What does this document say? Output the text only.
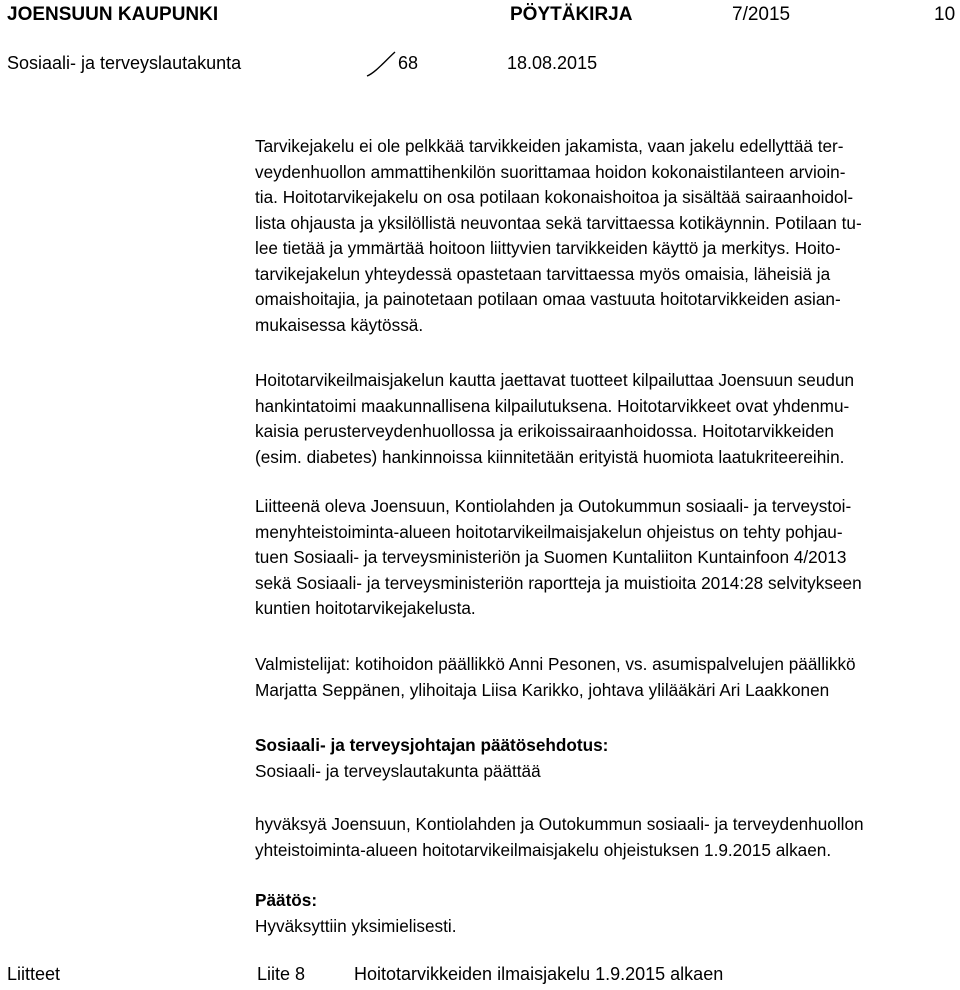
JOENSUUN KAUPUNKI	PÖYTÄKIRJA	7/2015	10
Sosiaali- ja terveyslautakunta	68	18.08.2015

Tarvikejakelu ei ole pelkkää tarvikkeiden jakamista, vaan jakelu edellyttää ter-

veydenhuollon ammattihenkilön suorittamaa hoidon kokonaistilanteen arvioin-

tia. Hoitotarvikejakelu on osa potilaan kokonaishoitoa ja sisältää sairaanhoidol-

lista ohjausta ja yksilöllistä neuvontaa sekä tarvittaessa kotikäynnin. Potilaan tu-

lee tietää ja ymmärtää hoitoon liittyvien tarvikkeiden käyttö ja merkitys. Hoito-

tarvikejakelun yhteydessä opastetaan tarvittaessa myös omaisia, läheisiä ja

omaishoitajia, ja painotetaan potilaan omaa vastuuta hoitotarvikkeiden asian-

mukaisessa käytössä.

Hoitotarvikeilmaisjakelun kautta jaettavat tuotteet kilpailuttaa Joensuun seudun

hankintatoimi maakunnallisena kilpailutuksena. Hoitotarvikkeet ovat yhdenmu-

kaisia perusterveydenhuollossa ja erikoissairaanhoidossa. Hoitotarvikkeiden

(esim. diabetes) hankinnoissa kiinnitetään erityistä huomiota laatukriteereihin.

Liitteenä oleva Joensuun, Kontiolahden ja Outokummun sosiaali- ja terveystoi-

menyhteistoiminta-alueen hoitotarvikeilmaisjakelun ohjeistus on tehty pohjau-

tuen Sosiaali- ja terveysministeriön ja Suomen Kuntaliiton Kuntainfoon 4/2013

sekä Sosiaali- ja terveysministeriön raportteja ja muistioita 2014:28 selvitykseen

kuntien hoitotarvikejakelusta.

Valmistelijat: kotihoidon päällikkö Anni Pesonen, vs. asumispalvelujen päällikkö

Marjatta Seppänen, ylihoitaja Liisa Karikko, johtava ylilääkäri Ari Laakkonen

Sosiaali- ja terveysjohtajan päätösehdotus:

Sosiaali- ja terveyslautakunta päättää

hyväksyä Joensuun, Kontiolahden ja Outokummun sosiaali- ja terveydenhuollon

yhteistoiminta-alueen hoitotarvikeilmaisjakelu ohjeistuksen 1.9.2015 alkaen.

Päätös:

Hyväksyttiin yksimielisesti.

Liitteet	Liite 8	Hoitotarvikkeiden ilmaisjakelu 1.9.2015 alkaen
